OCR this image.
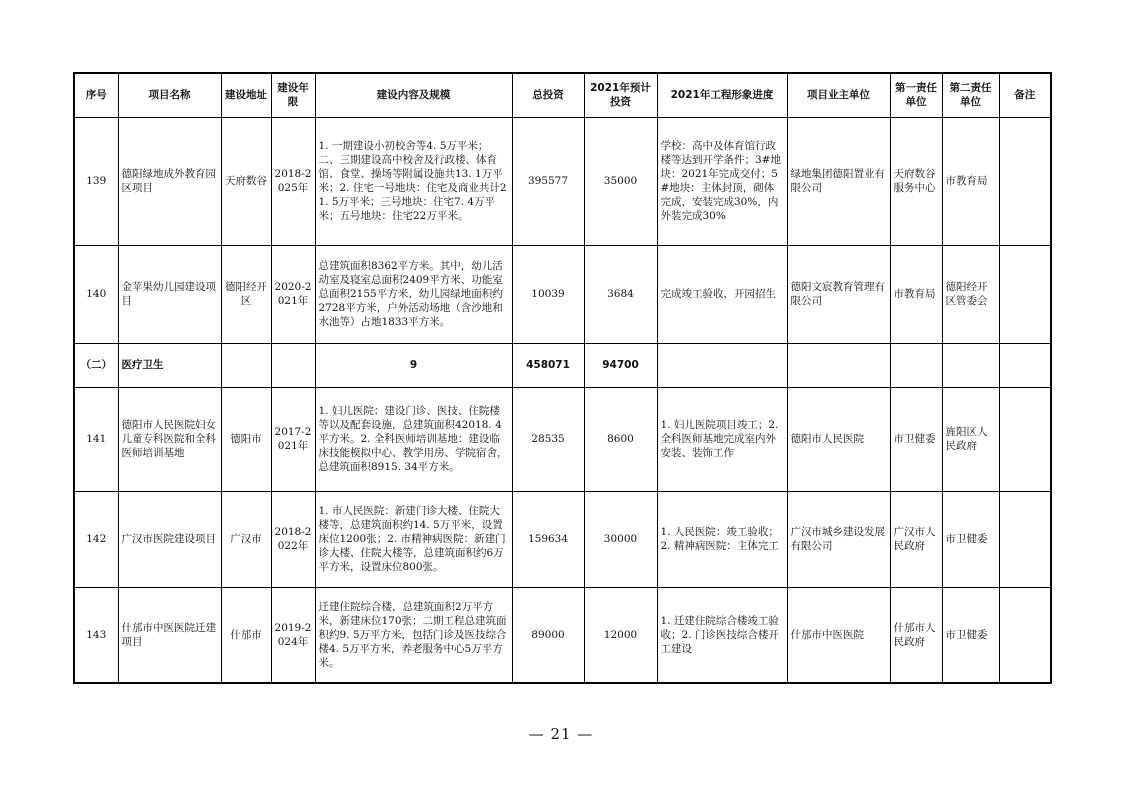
序号	项目名称	建设地址	建设年限	建设内容及规模	总投资	2021年预计投资	2021年工程形象进度	项目业主单位	第一责任单位	第二责任单位	备注
139	德阳绿地成外教育园区项目	天府数谷	2018-2025年	1. 一期建设小初校舍等4. 5万平米；二、三期建设高中校舍及行政楼、体育馆、食堂、操场等附属设施共13. 1万平米；2. 住宅一号地块：住宅及商业共计21. 5万平米；三号地块：住宅7. 4万平米；五号地块：住宅22万平米。	395577	35000	学校：高中及体育馆行政楼等达到开学条件；3#地块：2021年完成交付；5#地块：主体封顶，砌体完成，安装完成30%，内外装完成30%	绿地集团德阳置业有限公司	天府数谷服务中心	市教育局	
140	金苹果幼儿园建设项目	德阳经开区	2020-2021年	总建筑面积8362平方米。其中，幼儿活动室及寝室总面积2409平方米、功能室总面积2155平方米、幼儿园绿地面积约2728平方米，户外活动场地（含沙地和水池等）占地1833平方米。	10039	3684	完成竣工验收，开园招生	德阳文宸教育管理有限公司	市教育局	德阳经开区管委会	
（二）	医疗卫生			9	458071	94700					
141	德阳市人民医院妇女儿童专科医院和全科医师培训基地	德阳市	2017-2021年	1. 妇儿医院：建设门诊、医技、住院楼等以及配套设施，总建筑面积42018. 4平方米。2. 全科医师培训基地：建设临床技能模拟中心、教学用房、学院宿舍，总建筑面积8915. 34平方米。	28535	8600	1. 妇儿医院项目竣工；2. 全科医师基地完成室内外安装、装饰工作	德阳市人民医院	市卫健委	旌阳区人民政府	
142	广汉市医院建设项目	广汉市	2018-2022年	1. 市人民医院：新建门诊大楼、住院大楼等，总建筑面积约14. 5万平米，设置床位1200张；2. 市精神病医院：新建门诊大楼、住院大楼等，总建筑面积约6万平方米，设置床位800张。	159634	30000	1. 人民医院：竣工验收； 2. 精神病医院：主体完工	广汉市城乡建设发展有限公司	广汉市人民政府	市卫健委	
143	什邡市中医医院迁建项目	什邡市	2019-2024年	迁建住院综合楼，总建筑面积2万平方米，新建床位170张；二期工程总建筑面积约9. 5万平方米，包括门诊及医技综合楼4. 5万平方米，养老服务中心5万平方米。	89000	12000	1. 迁建住院综合楼竣工验收；2. 门诊医技综合楼开工建设	什邡市中医医院	什邡市人民政府	市卫健委	
— 21 —
